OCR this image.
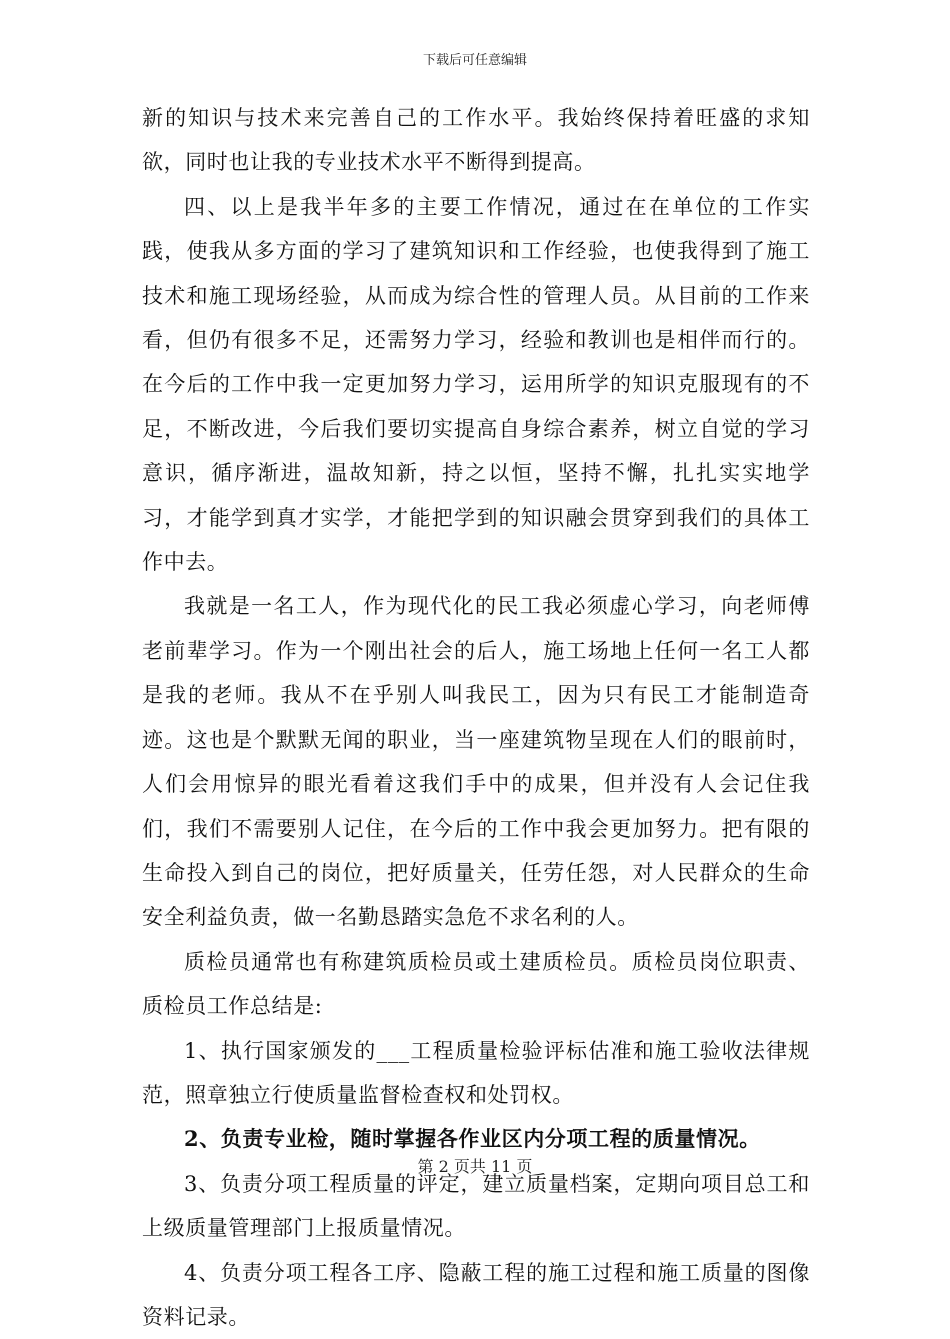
下载后可任意编辑

新的知识与技术来完善自己的工作水平。我始终保持着旺盛的求知欲，同时也让我的专业技术水平不断得到提高。

四、以上是我半年多的主要工作情况，通过在在单位的工作实践，使我从多方面的学习了建筑知识和工作经验，也使我得到了施工技术和施工现场经验，从而成为综合性的管理人员。从目前的工作来看，但仍有很多不足，还需努力学习，经验和教训也是相伴而行的。在今后的工作中我一定更加努力学习，运用所学的知识克服现有的不足，不断改进，今后我们要切实提高自身综合素养，树立自觉的学习意识，循序渐进，温故知新，持之以恒，坚持不懈，扎扎实实地学习，才能学到真才实学，才能把学到的知识融会贯穿到我们的具体工作中去。

我就是一名工人，作为现代化的民工我必须虚心学习，向老师傅老前辈学习。作为一个刚出社会的后人，施工场地上任何一名工人都是我的老师。我从不在乎别人叫我民工，因为只有民工才能制造奇迹。这也是个默默无闻的职业，当一座建筑物呈现在人们的眼前时，人们会用惊异的眼光看着这我们手中的成果，但并没有人会记住我们，我们不需要别人记住，在今后的工作中我会更加努力。把有限的生命投入到自己的岗位，把好质量关，任劳任怨，对人民群众的生命安全利益负责，做一名勤恳踏实急危不求名利的人。

质检员通常也有称建筑质检员或土建质检员。质检员岗位职责、质检员工作总结是:

1、执行国家颁发的___工程质量检验评标估准和施工验收法律规范，照章独立行使质量监督检查权和处罚权。

2、负责专业检，随时掌握各作业区内分项工程的质量情况。

3、负责分项工程质量的评定，建立质量档案，定期向项目总工和上级质量管理部门上报质量情况。

4、负责分项工程各工序、隐蔽工程的施工过程和施工质量的图像资料记录。

第 2 页共 11 页
